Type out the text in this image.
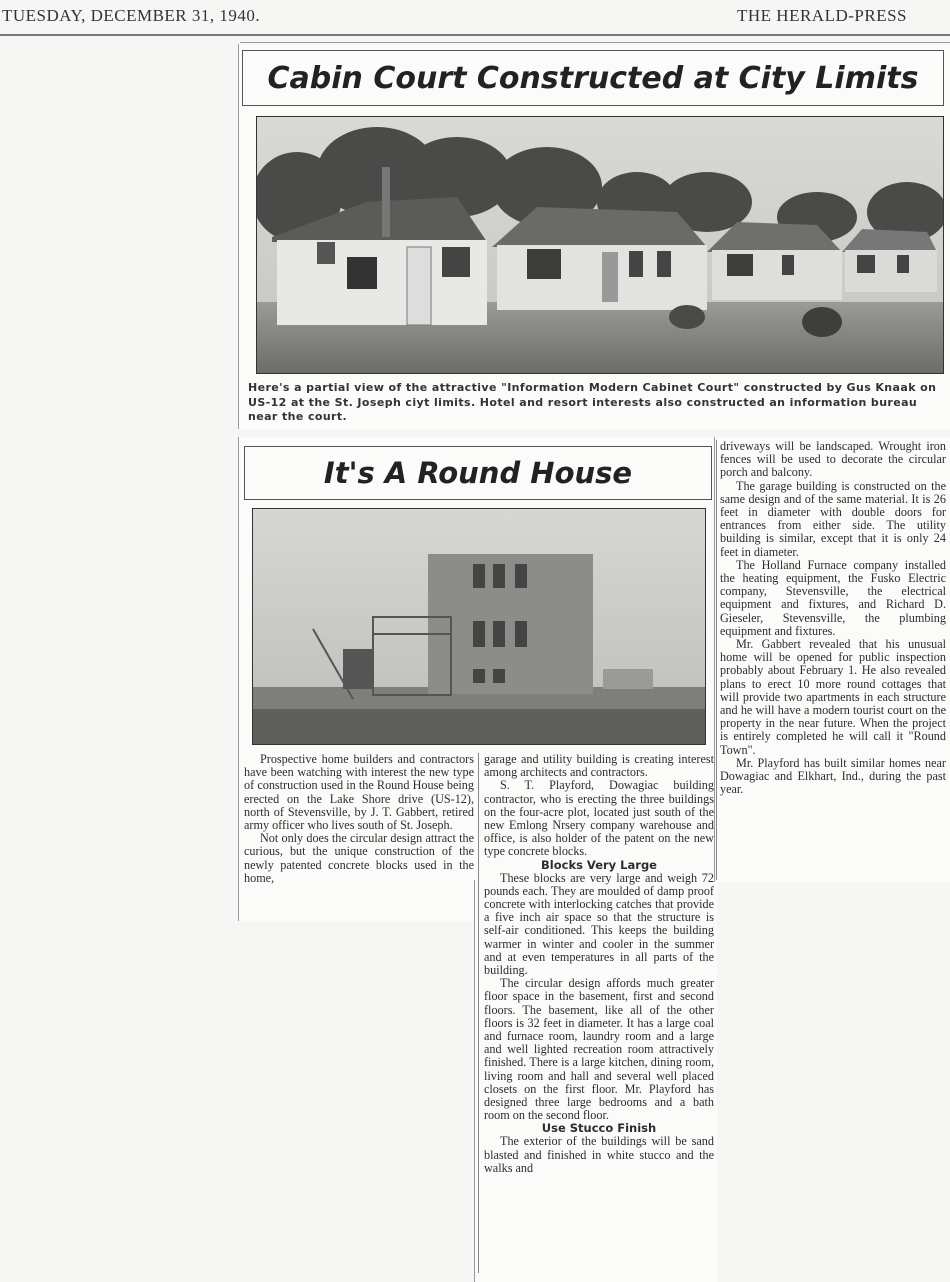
TUESDAY, DECEMBER 31, 1940.	THE HERALD-PRESS
Cabin Court Constructed at City Limits
Here's a partial view of the attractive "Information Modern Cabinet Court" constructed by Gus Knaak on US-12 at the St. Joseph ciyt limits. Hotel and resort interests also constructed an information bureau near the court.
It's A Round House

Prospective home builders and contractors have been watching with interest the new type of construction used in the Round House being erected on the Lake Shore drive (US-12), north of Stevensville, by J. T. Gabbert, retired army officer who lives south of St. Joseph.

Not only does the circular design attract the curious, but the unique construction of the newly patented concrete blocks used in the home,

garage and utility building is creating interest among architects and contractors.

S. T. Playford, Dowagiac building contractor, who is erecting the three buildings on the four-acre plot, located just south of the new Emlong Nrsery company warehouse and office, is also holder of the patent on the new type concrete blocks.

Blocks Very Large

These blocks are very large and weigh 72 pounds each. They are moulded of damp proof concrete with interlocking catches that provide a five inch air space so that the structure is self-air conditioned. This keeps the building warmer in winter and cooler in the summer and at even temperatures in all parts of the building.

The circular design affords much greater floor space in the basement, first and second floors. The basement, like all of the other floors is 32 feet in diameter. It has a large coal and furnace room, laundry room and a large and well lighted recreation room attractively finished. There is a large kitchen, dining room, living room and hall and several well placed closets on the first floor. Mr. Playford has designed three large bedrooms and a bath room on the second floor.

Use Stucco Finish

The exterior of the buildings will be sand blasted and finished in white stucco and the walks and

driveways will be landscaped. Wrought iron fences will be used to decorate the circular porch and balcony.

The garage building is constructed on the same design and of the same material. It is 26 feet in diameter with double doors for entrances from either side. The utility building is similar, except that it is only 24 feet in diameter.

The Holland Furnace company installed the heating equipment, the Fusko Electric company, Stevensville, the electrical equipment and fixtures, and Richard D. Gieseler, Stevensville, the plumbing equipment and fixtures.

Mr. Gabbert revealed that his unusual home will be opened for public inspection probably about February 1. He also revealed plans to erect 10 more round cottages that will provide two apartments in each structure and he will have a modern tourist court on the property in the near future. When the project is entirely completed he will call it "Round Town".

Mr. Playford has built similar homes near Dowagiac and Elkhart, Ind., during the past year.
